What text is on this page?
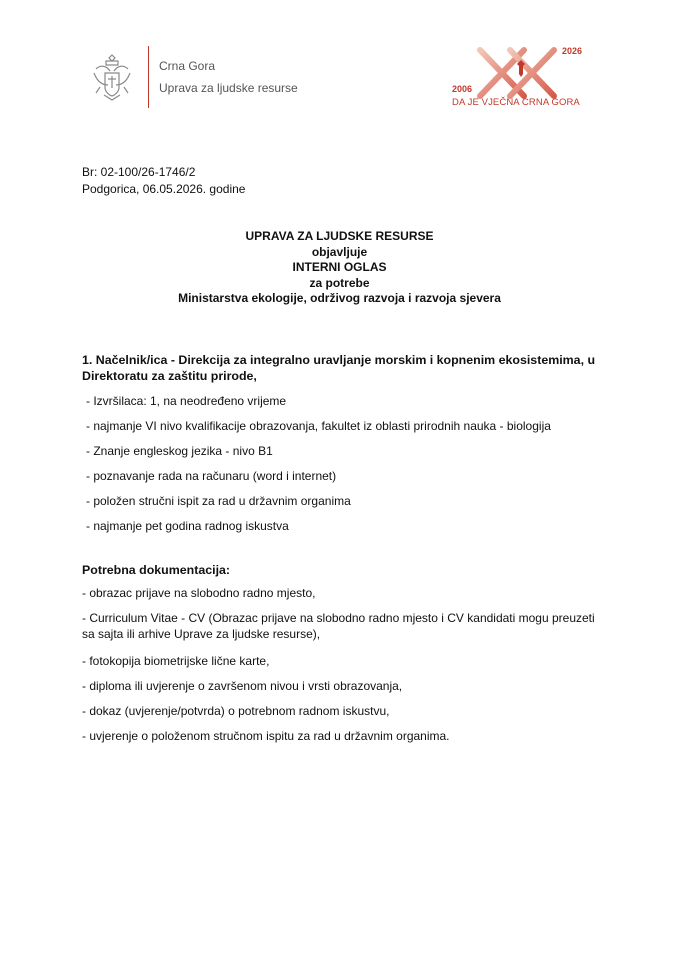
Crna Gora
Uprava za ljudske resurse	2006
2026
DA JE VJEČNA CRNA GORA
Br: 02-100/26-1746/2
Podgorica, 06.05.2026. godine
UPRAVA ZA LJUDSKE RESURSE
objavljuje
INTERNI OGLAS
za potrebe
Ministarstva ekologije, održivog razvoja i razvoja sjevera
1. Načelnik/ica - Direkcija za integralno uravljanje morskim i kopnenim ekosistemima, u Direktoratu za zaštitu prirode,
- Izvršilaca: 1, na neodređeno vrijeme
- najmanje VI nivo kvalifikacije obrazovanja, fakultet iz oblasti prirodnih nauka - biologija
- Znanje engleskog jezika - nivo B1
- poznavanje rada na računaru (word i internet)
- položen stručni ispit za rad u državnim organima
- najmanje pet godina radnog iskustva
Potrebna dokumentacija:
- obrazac prijave na slobodno radno mjesto,
- Curriculum Vitae - CV (Obrazac prijave na slobodno radno mjesto i CV kandidati mogu preuzeti sa sajta ili arhive Uprave za ljudske resurse),
- fotokopija biometrijske lične karte,
- diploma ili uvjerenje o završenom nivou i vrsti obrazovanja,
- dokaz (uvjerenje/potvrda) o potrebnom radnom iskustvu,
- uvjerenje o položenom stručnom ispitu za rad u državnim organima.
